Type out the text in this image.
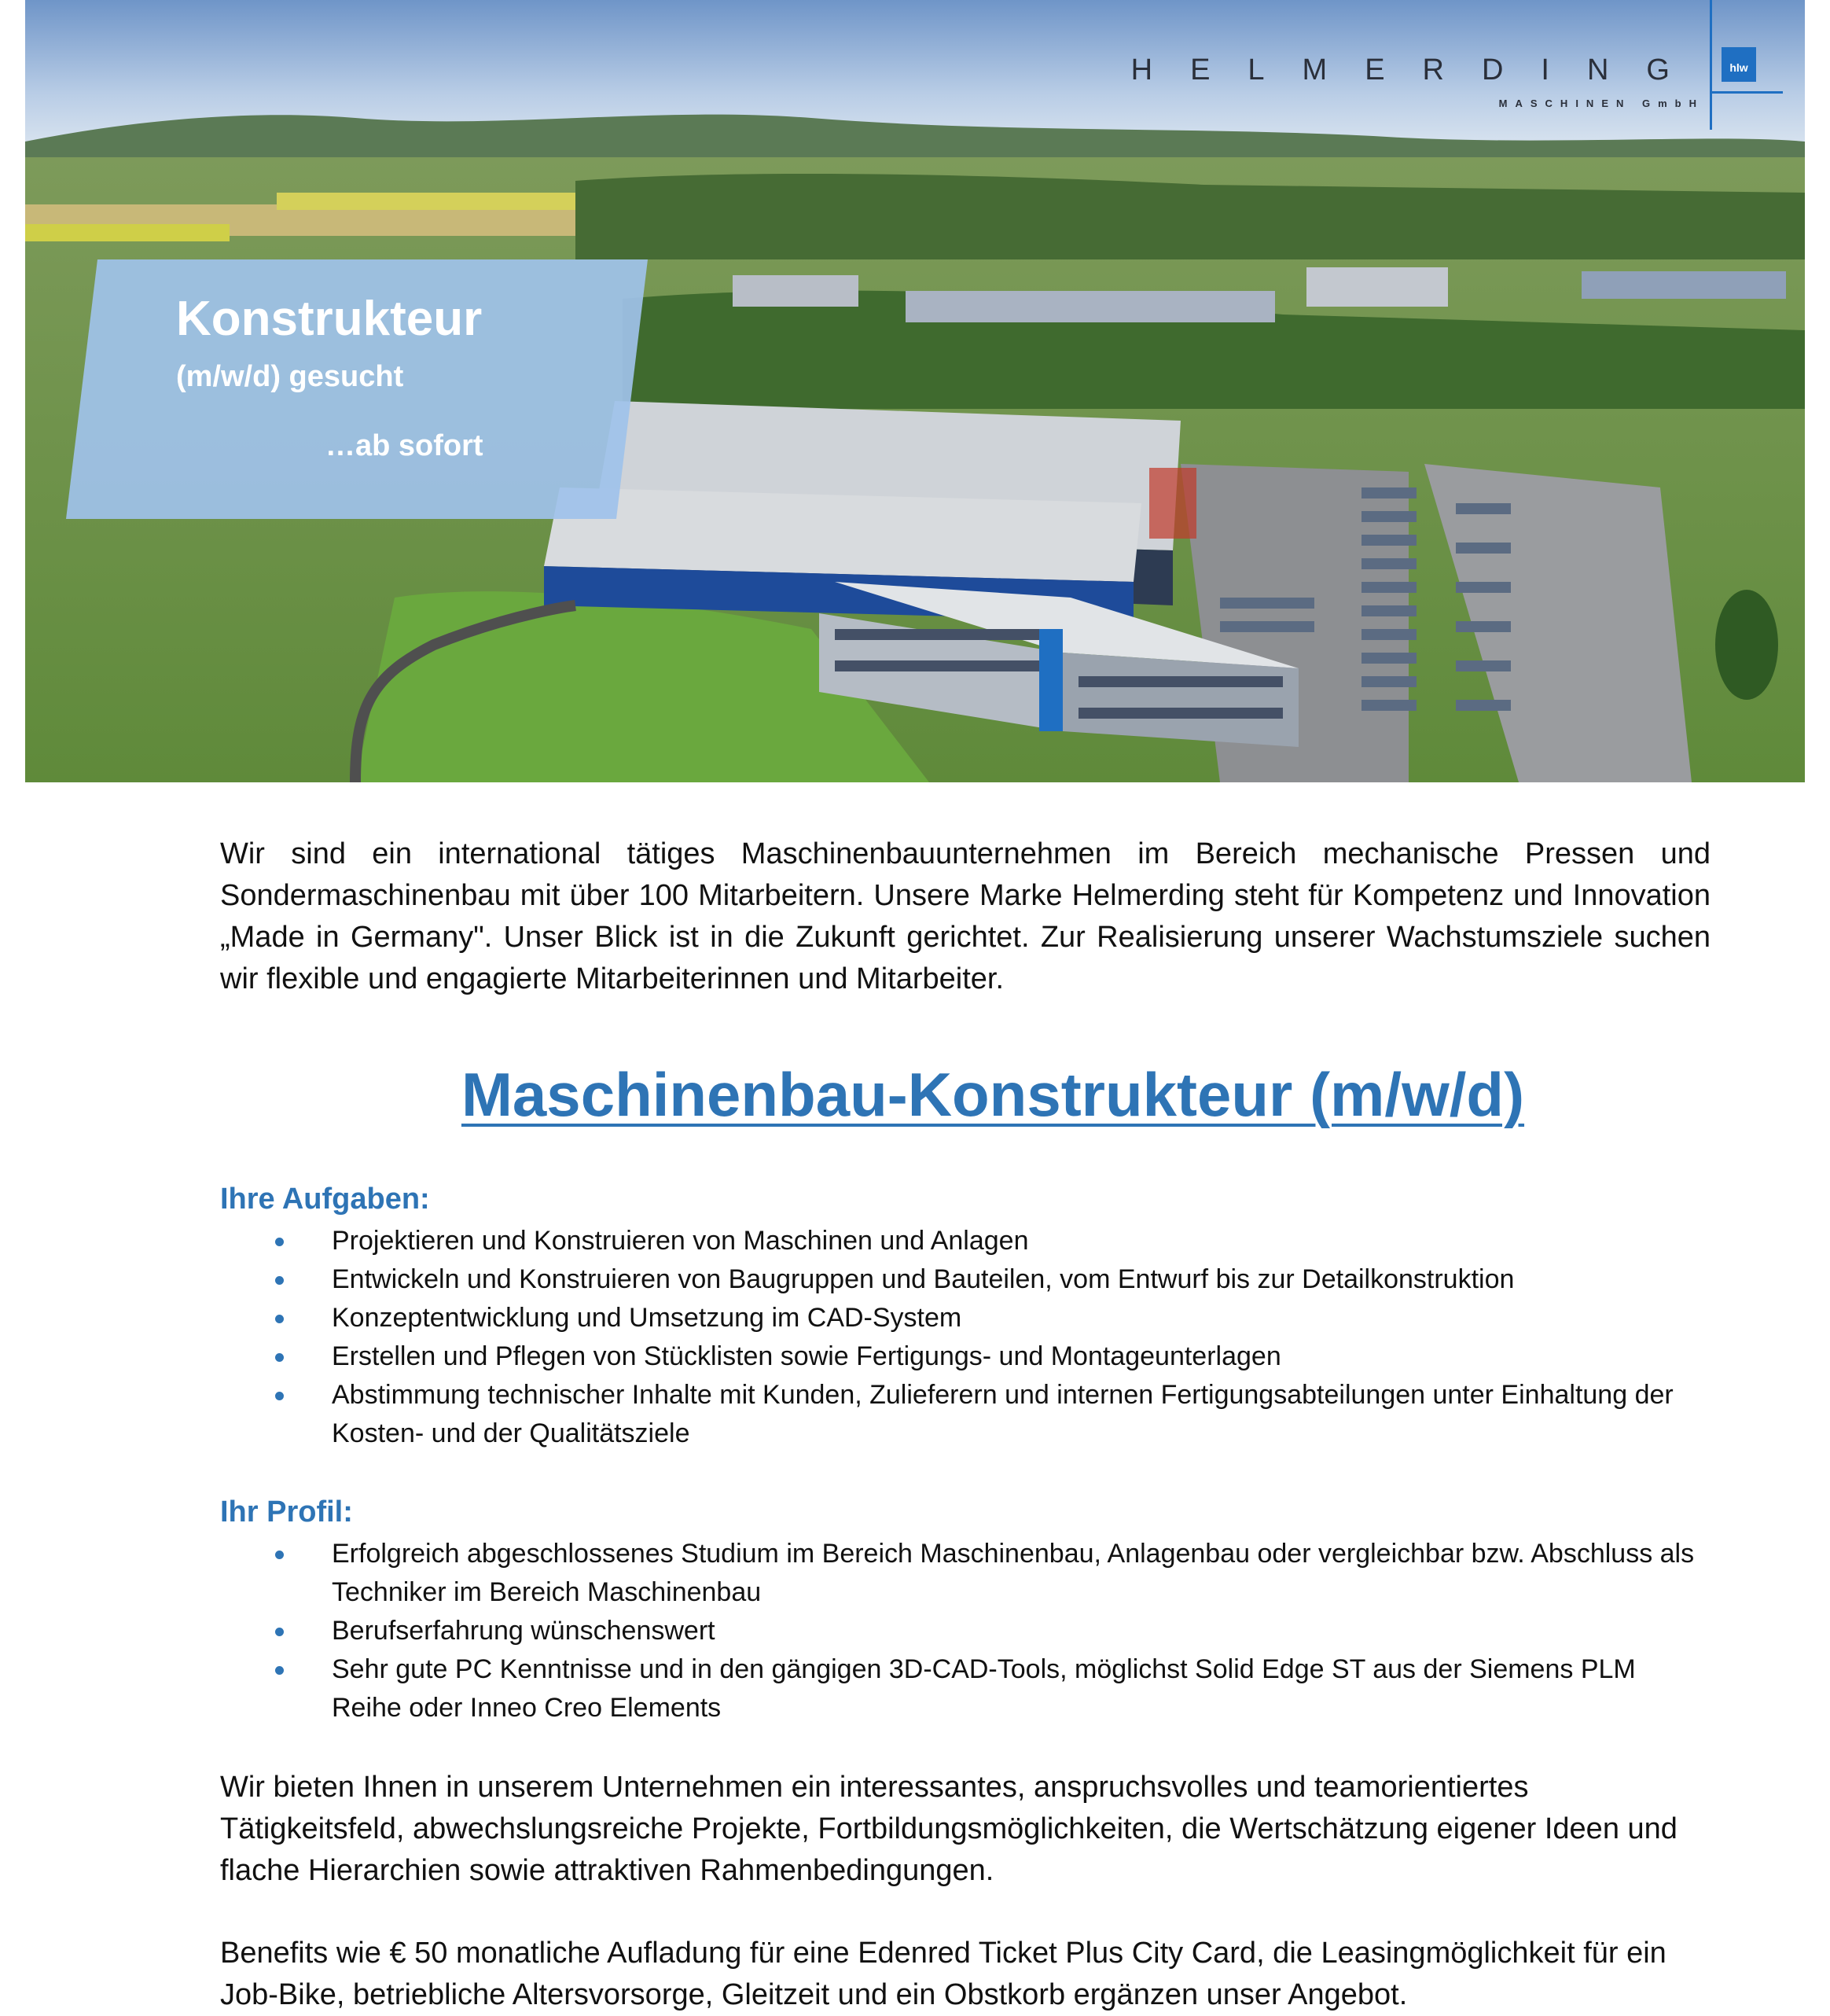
HELMERDING
MASCHINEN GmbH
hlw
Konstrukteur
(m/w/d) gesucht
…ab sofort

Wir sind ein international tätiges Maschinenbauunternehmen im Bereich mechanische Pressen und Sondermaschinenbau mit über 100 Mitarbeitern. Unsere Marke Helmerding steht für Kompetenz und Innovation „Made in Germany". Unser Blick ist in die Zukunft gerichtet. Zur Realisierung unserer Wachstumsziele suchen wir flexible und engagierte Mitarbeiterinnen und Mitarbeiter.

Maschinenbau-Konstrukteur (m/w/d)
Ihre Aufgaben:
Projektieren und Konstruieren von Maschinen und Anlagen
Entwickeln und Konstruieren von Baugruppen und Bauteilen, vom Entwurf bis zur Detailkonstruktion
Konzeptentwicklung und Umsetzung im CAD-System
Erstellen und Pflegen von Stücklisten sowie Fertigungs- und Montageunterlagen
Abstimmung technischer Inhalte mit Kunden, Zulieferern und internen Fertigungsabteilungen unter Einhaltung der Kosten- und der Qualitätsziele
Ihr Profil:
Erfolgreich abgeschlossenes Studium im Bereich Maschinenbau, Anlagenbau oder vergleichbar bzw. Abschluss als Techniker im Bereich Maschinenbau
Berufserfahrung wünschenswert
Sehr gute PC Kenntnisse und in den gängigen 3D-CAD-Tools, möglichst Solid Edge ST aus der Siemens PLM Reihe oder Inneo Creo Elements

Wir bieten Ihnen in unserem Unternehmen ein interessantes, anspruchsvolles und teamorientiertes Tätigkeitsfeld, abwechslungsreiche Projekte, Fortbildungsmöglichkeiten, die Wertschätzung eigener Ideen und flache Hierarchien sowie attraktiven Rahmenbedingungen.

Benefits wie € 50 monatliche Aufladung für eine Edenred Ticket Plus City Card, die Leasingmöglichkeit für ein Job-Bike, betriebliche Altersvorsorge, Gleitzeit und ein Obstkorb ergänzen unser Angebot.
